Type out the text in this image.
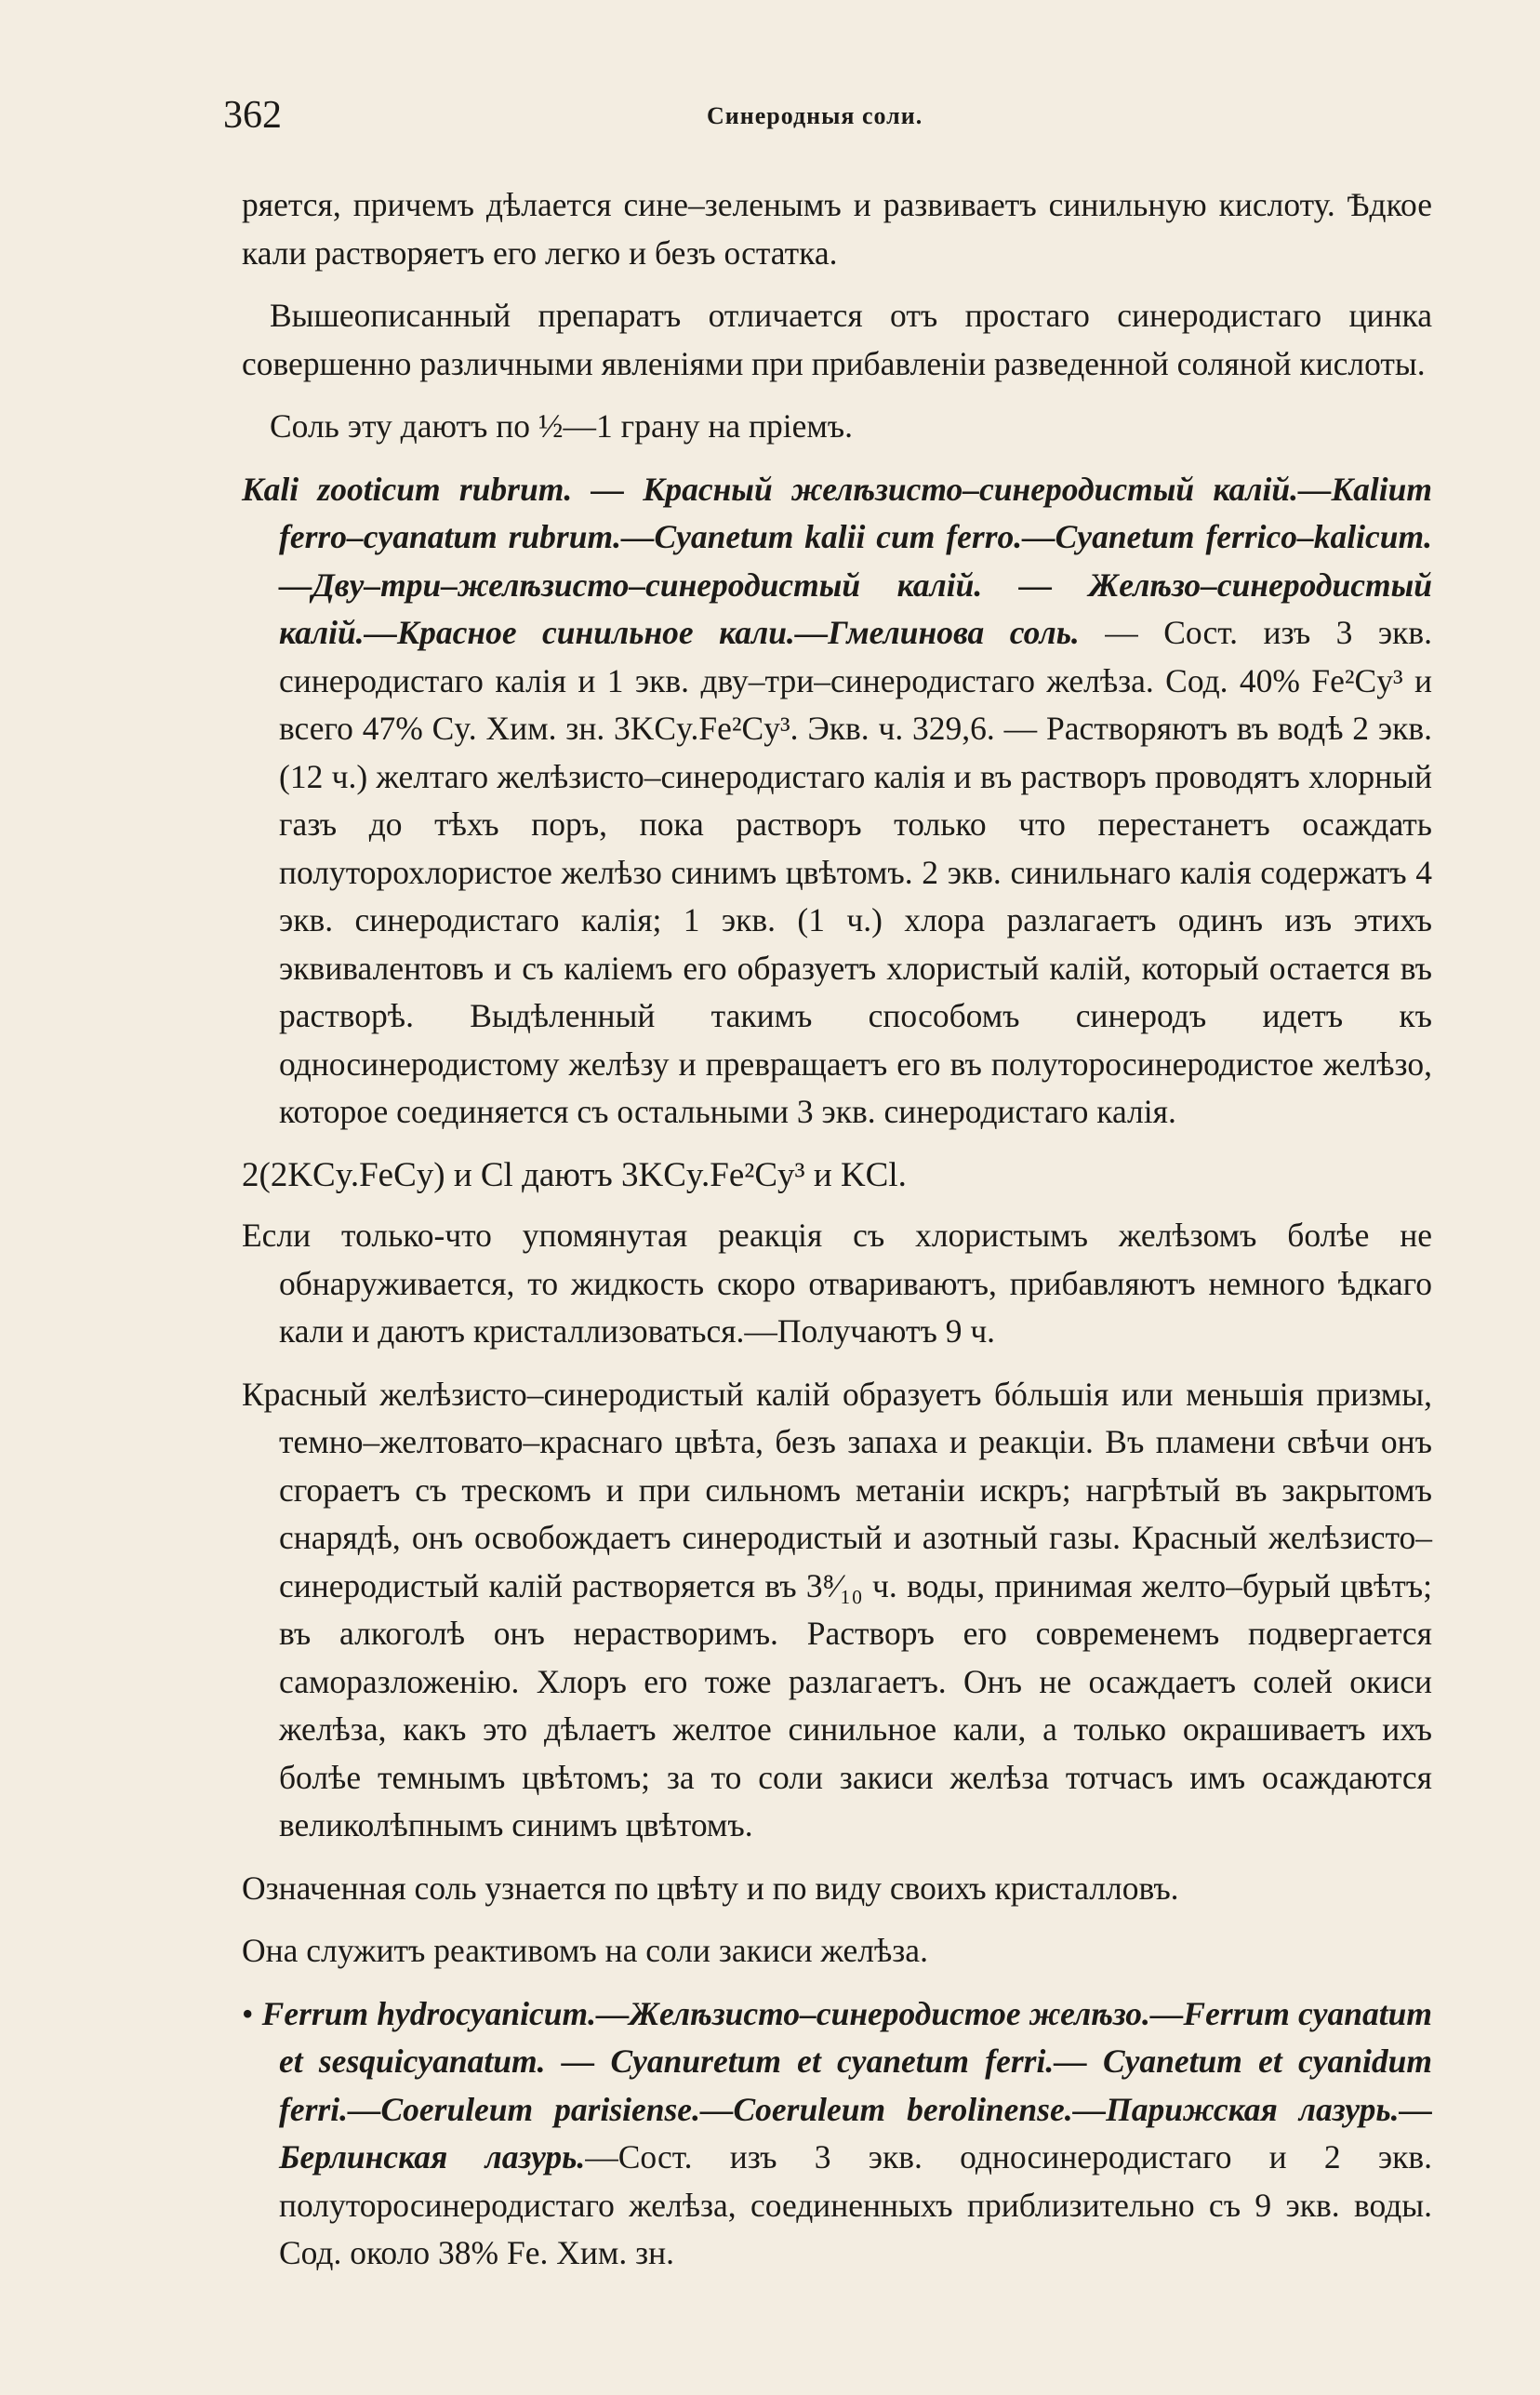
362	Синеродныя соли.

ряется, причемъ дѣлается сине–зеленымъ и развиваетъ синильную кислоту. Ѣдкое кали растворяетъ его легко и безъ остатка.

Вышеописанный препаратъ отличается отъ простаго синеродистаго цинка совершенно различными явленіями при прибавленіи разведенной соляной кислоты.

Соль эту даютъ по ½—1 грану на пріемъ.

Kali zooticum rubrum. — Красный желѣзисто–синеродистый калій.—Kalium ferro–cyanatum rubrum.—Cyanetum kalii cum ferro.—Cyanetum ferrico–kalicum.—Дву–три–желѣзисто–синеродистый калій. — Желѣзо–синеродистый калій.—Красное синильное кали.—Гмелинова соль. — Сост. изъ 3 экв. синеродистаго калія и 1 экв. дву–три–синеродистаго желѣза. Сод. 40% Fe²Cy³ и всего 47% Cy. Хим. зн. 3KCy.Fe²Cy³. Экв. ч. 329,6. — Растворяютъ въ водѣ 2 экв. (12 ч.) желтаго желѣзисто–синеродистаго калія и въ растворъ проводятъ хлорный газъ до тѣхъ поръ, пока растворъ только что перестанетъ осаждать полуторохлористое желѣзо синимъ цвѣтомъ. 2 экв. синильнаго калія содержатъ 4 экв. синеродистаго калія; 1 экв. (1 ч.) хлора разлагаетъ одинъ изъ этихъ эквивалентовъ и съ каліемъ его образуетъ хлористый калій, который остается въ растворѣ. Выдѣленный такимъ способомъ синеродъ идетъ къ односинеродистому желѣзу и превращаетъ его въ полуторосинеродистое желѣзо, которое соединяется съ остальными 3 экв. синеродистаго калія.

2(2KCy.FeCy) и Cl даютъ 3KCy.Fe²Cy³ и KCl.

Если только-что упомянутая реакція съ хлористымъ желѣзомъ болѣе не обнаруживается, то жидкость скоро отвариваютъ, прибавляютъ немного ѣдкаго кали и даютъ кристаллизоваться.—Получаютъ 9 ч.

Красный желѣзисто–синеродистый калій образуетъ бóльшія или меньшія призмы, темно–желтовато–краснаго цвѣта, безъ запаха и реакціи. Въ пламени свѣчи онъ сгораетъ съ трескомъ и при сильномъ метаніи искръ; нагрѣтый въ закрытомъ снарядѣ, онъ освобождаетъ синеродистый и азотный газы. Красный желѣзисто–синеродистый калій растворяется въ 3⁸⁄₁₀ ч. воды, принимая желто–бурый цвѣтъ; въ алкоголѣ онъ нерастворимъ. Растворъ его современемъ подвергается саморазложенію. Хлоръ его тоже разлагаетъ. Онъ не осаждаетъ солей окиси желѣза, какъ это дѣлаетъ желтое синильное кали, а только окрашиваетъ ихъ болѣе темнымъ цвѣтомъ; за то соли закиси желѣза тотчасъ имъ осаждаются великолѣпнымъ синимъ цвѣтомъ.

Означенная соль узнается по цвѣту и по виду своихъ кристалловъ.

Она служитъ реактивомъ на соли закиси желѣза.

• Ferrum hydrocyanicum.—Желѣзисто–синеродистое желѣзо.—Ferrum cyanatum et sesquicyanatum. — Cyanuretum et cyanetum ferri.— Cyanetum et cyanidum ferri.—Coeruleum parisiense.—Coeruleum berolinense.—Парижская лазурь.—Берлинская лазурь.—Сост. изъ 3 экв. односинеродистаго и 2 экв. полуторосинеродистаго желѣза, соединенныхъ приблизительно съ 9 экв. воды. Сод. около 38% Fe. Хим. зн.
